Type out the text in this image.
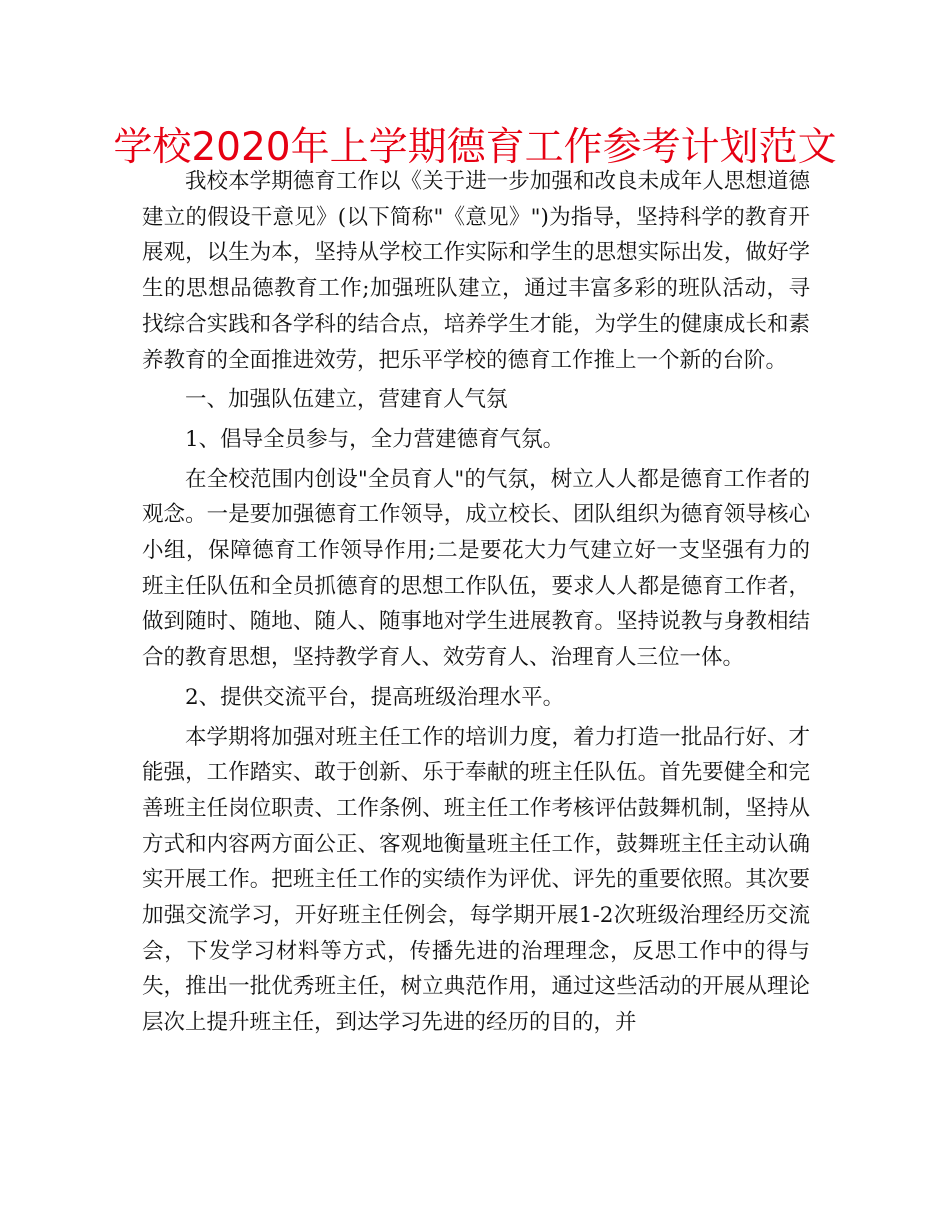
学校2020年上学期德育工作参考计划范文

我校本学期德育工作以《关于进一步加强和改良未成年人思想道德建立的假设干意见》(以下简称"《意见》")为指导，坚持科学的教育开展观，以生为本，坚持从学校工作实际和学生的思想实际出发，做好学生的思想品德教育工作;加强班队建立，通过丰富多彩的班队活动，寻找综合实践和各学科的结合点，培养学生才能，为学生的健康成长和素养教育的全面推进效劳，把乐平学校的德育工作推上一个新的台阶。

一、加强队伍建立，营建育人气氛

1、倡导全员参与，全力营建德育气氛。

在全校范围内创设"全员育人"的气氛，树立人人都是德育工作者的观念。一是要加强德育工作领导，成立校长、团队组织为德育领导核心小组，保障德育工作领导作用;二是要花大力气建立好一支坚强有力的班主任队伍和全员抓德育的思想工作队伍，要求人人都是德育工作者，做到随时、随地、随人、随事地对学生进展教育。坚持说教与身教相结合的教育思想，坚持教学育人、效劳育人、治理育人三位一体。

2、提供交流平台，提高班级治理水平。

本学期将加强对班主任工作的培训力度，着力打造一批品行好、才能强，工作踏实、敢于创新、乐于奉献的班主任队伍。首先要健全和完善班主任岗位职责、工作条例、班主任工作考核评估鼓舞机制，坚持从方式和内容两方面公正、客观地衡量班主任工作，鼓舞班主任主动认确实开展工作。把班主任工作的实绩作为评优、评先的重要依照。其次要加强交流学习，开好班主任例会，每学期开展1-2次班级治理经历交流会，下发学习材料等方式，传播先进的治理理念，反思工作中的得与失，推出一批优秀班主任，树立典范作用，通过这些活动的开展从理论层次上提升班主任，到达学习先进的经历的目的，并
